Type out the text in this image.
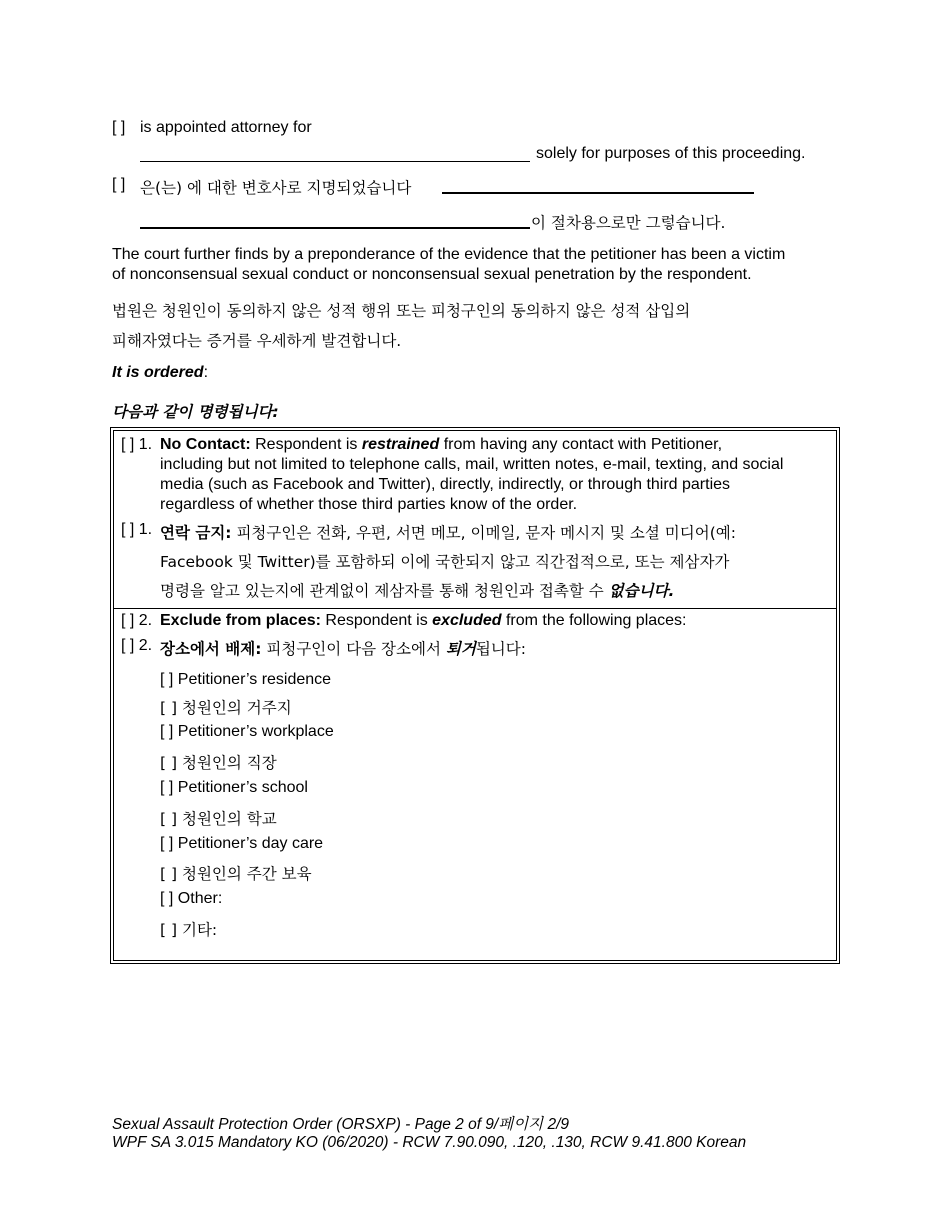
[ ] is appointed attorney for
solely for purposes of this proceeding.
[ ] 은(는) 에 대한 변호사로 지명되었습니다
이 절차용으로만 그렇습니다.
The court further finds by a preponderance of the evidence that the petitioner has been a victim
of nonconsensual sexual conduct or nonconsensual sexual penetration by the respondent.
법원은 청원인이 동의하지 않은 성적 행위 또는 피청구인의 동의하지 않은 성적 삽입의
피해자였다는 증거를 우세하게 발견합니다.
It is ordered:
다음과 같이 명령됩니다:
[ ] 1. No Contact: Respondent is restrained from having any contact with Petitioner,
including but not limited to telephone calls, mail, written notes, e-mail, texting, and social
media (such as Facebook and Twitter), directly, indirectly, or through third parties
regardless of whether those third parties know of the order.
[ ] 1. 연락 금지: 피청구인은 전화, 우편, 서면 메모, 이메일, 문자 메시지 및 소셜 미디어(예:
Facebook 및 Twitter)를 포함하되 이에 국한되지 않고 직간접적으로, 또는 제삼자가
명령을 알고 있는지에 관계없이 제삼자를 통해 청원인과 접촉할 수 없습니다.
[ ] 2. Exclude from places: Respondent is excluded from the following places:
[ ] 2. 장소에서 배제: 피청구인이 다음 장소에서 퇴거됩니다:
[ ] Petitioner’s residence
[ ] 청원인의 거주지
[ ] Petitioner’s workplace
[ ] 청원인의 직장
[ ] Petitioner’s school
[ ] 청원인의 학교
[ ] Petitioner’s day care
[ ] 청원인의 주간 보육
[ ] Other:
[ ] 기타:
Sexual Assault Protection Order (ORSXP) - Page 2 of 9/페이지 2/9
WPF SA 3.015 Mandatory KO (06/2020) - RCW 7.90.090, .120, .130, RCW 9.41.800 Korean
